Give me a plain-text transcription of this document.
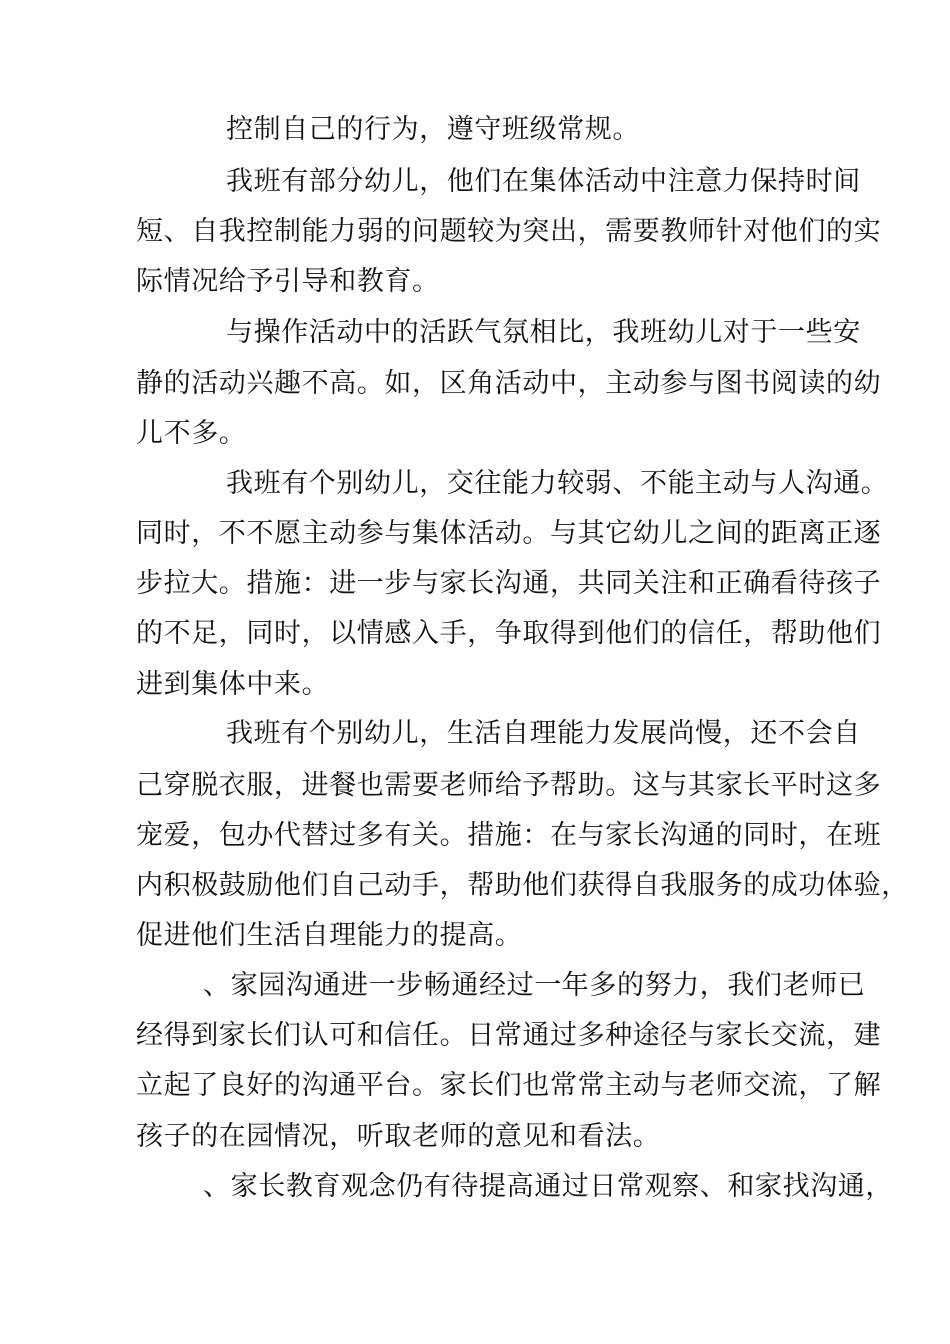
控制自己的行为，遵守班级常规。
我班有部分幼儿，他们在集体活动中注意力保持时间
短、自我控制能力弱的问题较为突出，需要教师针对他们的实
际情况给予引导和教育。
与操作活动中的活跃气氛相比，我班幼儿对于一些安
静的活动兴趣不高。如，区角活动中，主动参与图书阅读的幼
儿不多。
我班有个别幼儿，交往能力较弱、不能主动与人沟通。
同时，不不愿主动参与集体活动。与其它幼儿之间的距离正逐
步拉大。措施：进一步与家长沟通，共同关注和正确看待孩子
的不足，同时，以情感入手，争取得到他们的信任，帮助他们
进到集体中来。
我班有个别幼儿，生活自理能力发展尚慢，还不会自
己穿脱衣服，进餐也需要老师给予帮助。这与其家长平时这多
宠爱，包办代替过多有关。措施：在与家长沟通的同时，在班
内积极鼓励他们自己动手，帮助他们获得自我服务的成功体验，
促进他们生活自理能力的提高。
、家园沟通进一步畅通经过一年多的努力，我们老师已
经得到家长们认可和信任。日常通过多种途径与家长交流，建
立起了良好的沟通平台。家长们也常常主动与老师交流，了解
孩子的在园情况，听取老师的意见和看法。
、家长教育观念仍有待提高通过日常观察、和家找沟通，
